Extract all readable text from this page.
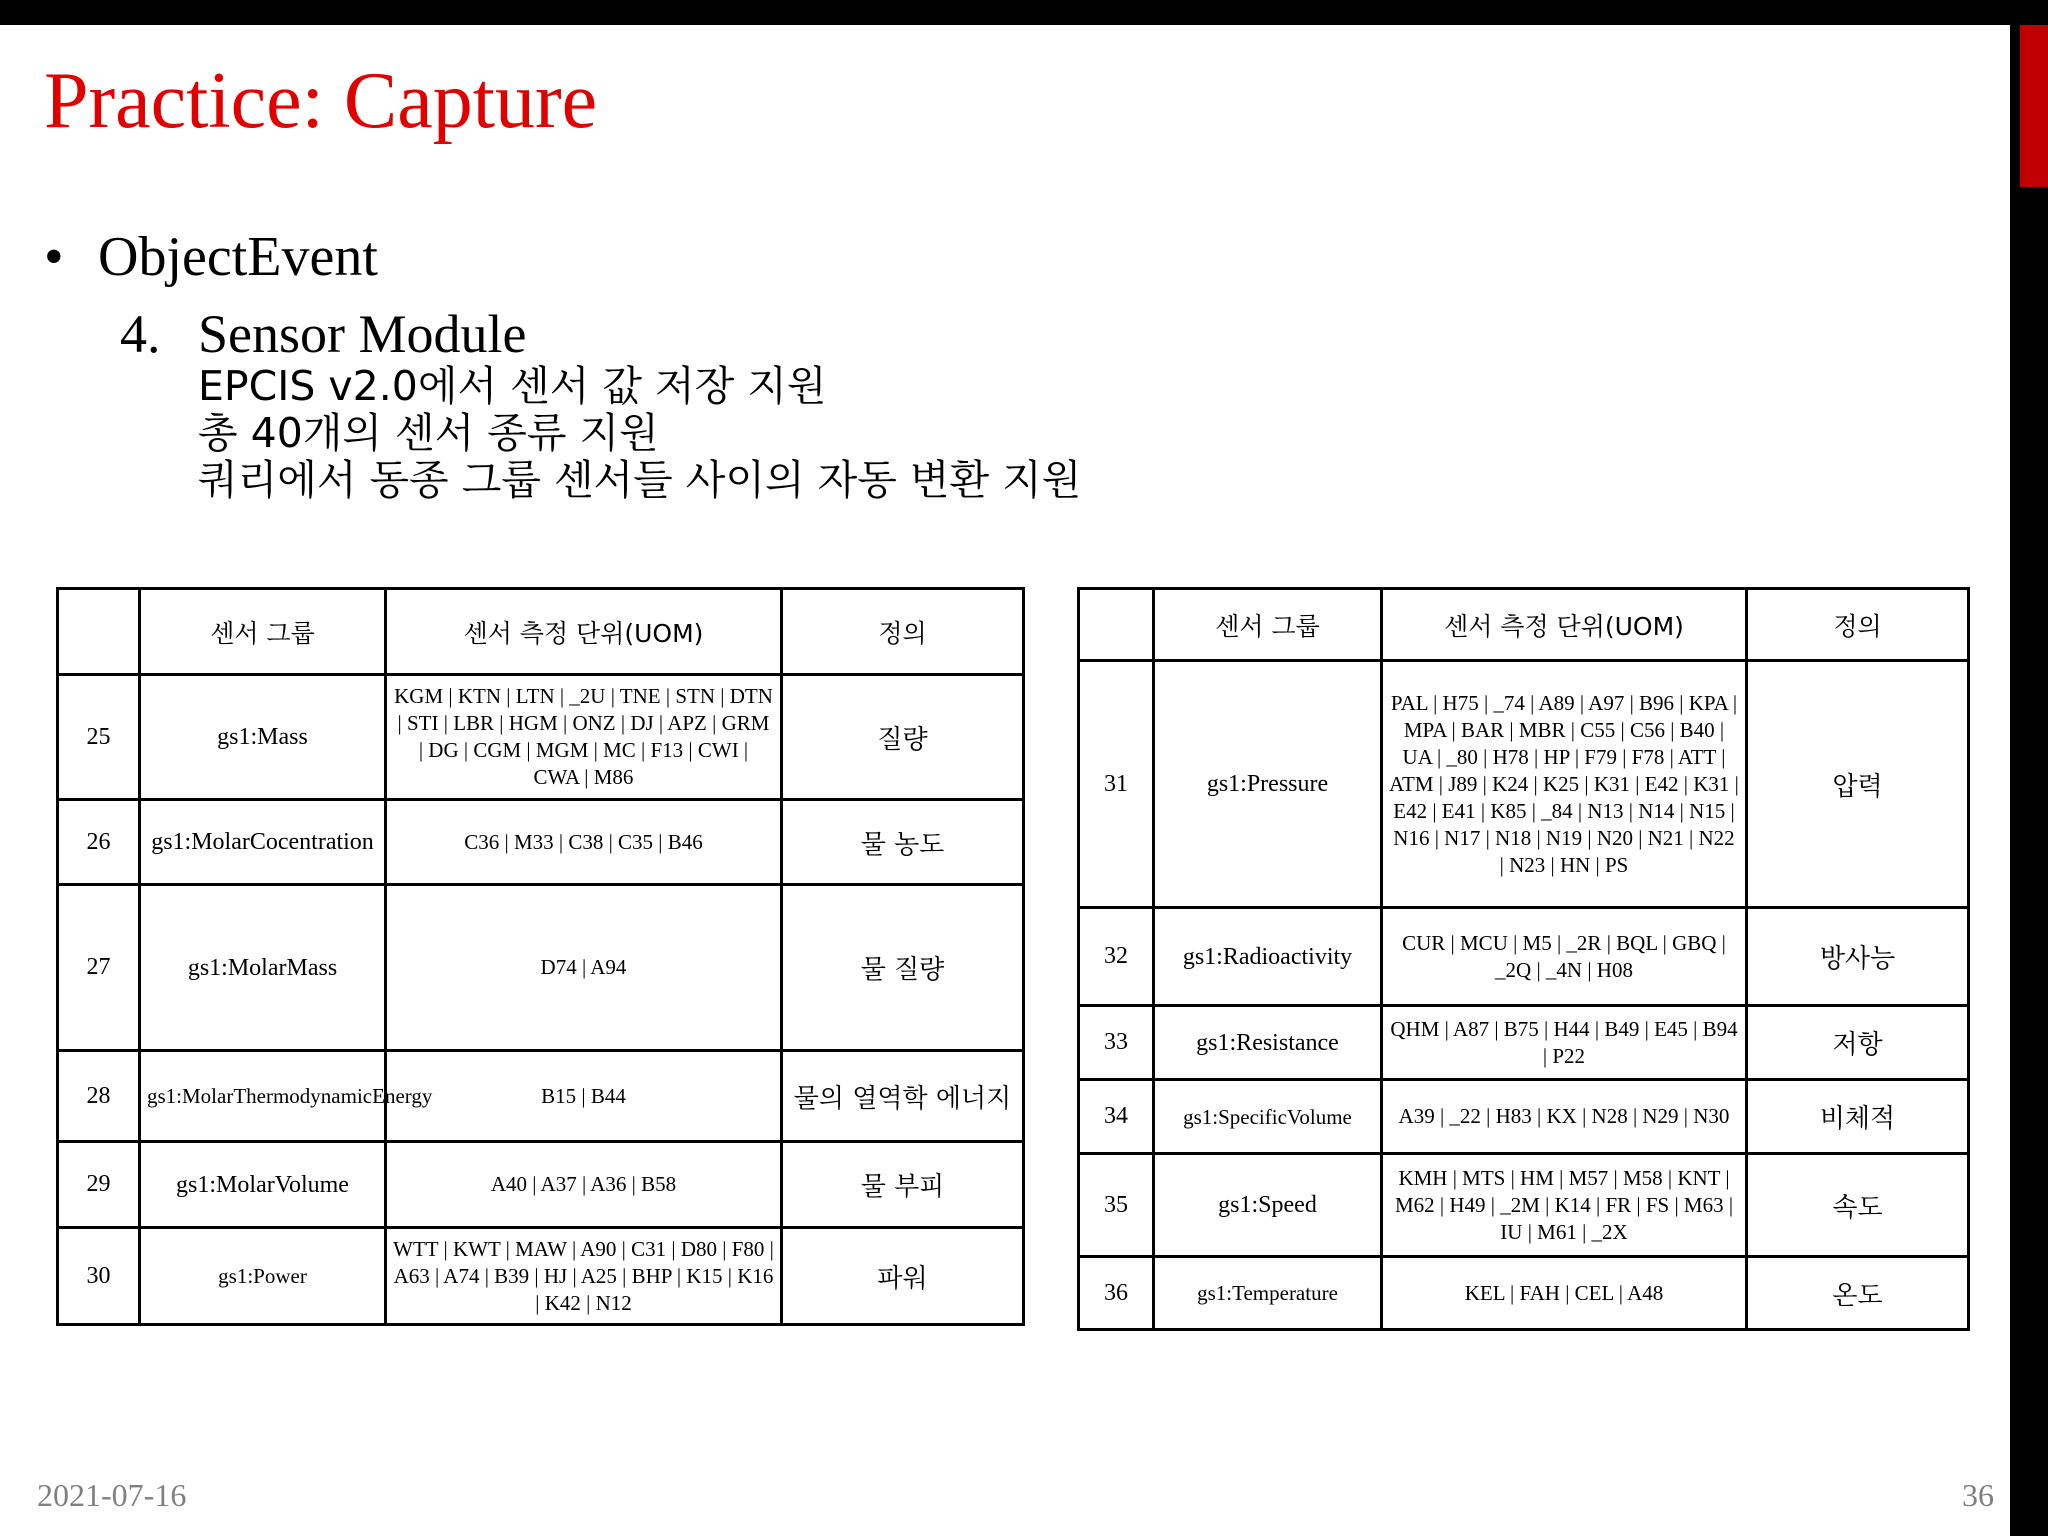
Practice: Capture
• ObjectEvent
4. Sensor Module
EPCIS v2.0에서 센서 값 저장 지원
총 40개의 센서 종류 지원
쿼리에서 동종 그룹 센서들 사이의 자동 변환 지원
	센서 그룹	센서 측정 단위(UOM)	정의
25	gs1:Mass	KGM | KTN | LTN | _2U | TNE | STN | DTN | STI | LBR | HGM | ONZ | DJ | APZ | GRM | DG | CGM | MGM | MC | F13 | CWI | CWA | M86	질량
26	gs1:MolarCocentration	C36 | M33 | C38 | C35 | B46	물 농도
27	gs1:MolarMass	D74 | A94	물 질량
28	gs1:MolarThermodynamicEnergy	B15 | B44	물의 열역학 에너지
29	gs1:MolarVolume	A40 | A37 | A36 | B58	물 부피
30	gs1:Power	WTT | KWT | MAW | A90 | C31 | D80 | F80 | A63 | A74 | B39 | HJ | A25 | BHP | K15 | K16 | K42 | N12	파워
	센서 그룹	센서 측정 단위(UOM)	정의
31	gs1:Pressure	PAL | H75 | _74 | A89 | A97 | B96 | KPA | MPA | BAR | MBR | C55 | C56 | B40 | UA | _80 | H78 | HP | F79 | F78 | ATT | ATM | J89 | K24 | K25 | K31 | E42 | K31 | E42 | E41 | K85 | _84 | N13 | N14 | N15 | N16 | N17 | N18 | N19 | N20 | N21 | N22 | N23 | HN | PS	압력
32	gs1:Radioactivity	CUR | MCU | M5 | _2R | BQL | GBQ | _2Q | _4N | H08	방사능
33	gs1:Resistance	QHM | A87 | B75 | H44 | B49 | E45 | B94 | P22	저항
34	gs1:SpecificVolume	A39 | _22 | H83 | KX | N28 | N29 | N30	비체적
35	gs1:Speed	KMH | MTS | HM | M57 | M58 | KNT | M62 | H49 | _2M | K14 | FR | FS | M63 | IU | M61 | _2X	속도
36	gs1:Temperature	KEL | FAH | CEL | A48	온도
2021-07-16	36
